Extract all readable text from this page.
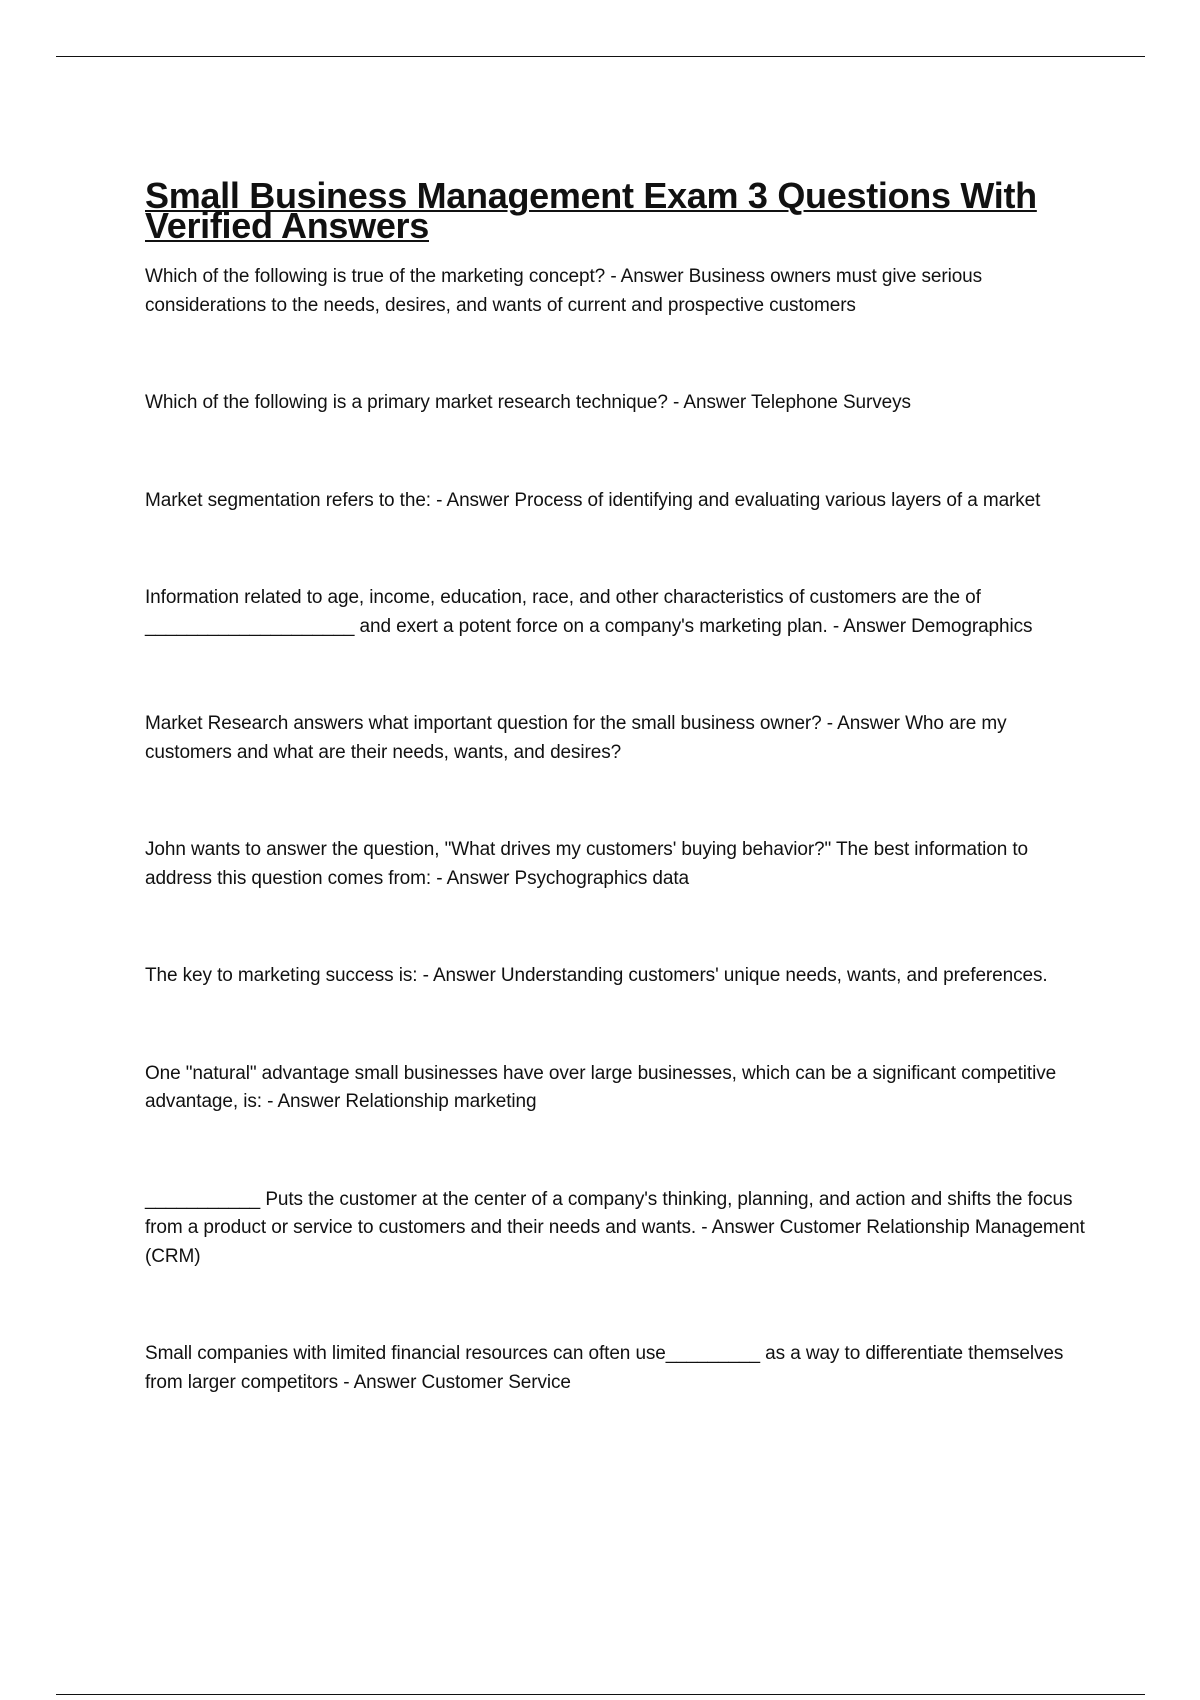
Small Business Management Exam 3 Questions With Verified Answers
Which of the following is true of the marketing concept? - Answer Business owners must give serious considerations to the needs, desires, and wants of current and prospective customers
Which of the following is a primary market research technique? - Answer Telephone Surveys
Market segmentation refers to the: - Answer Process of identifying and evaluating various layers of a market
Information related to age, income, education, race, and other characteristics of customers are the of ____________________ and exert a potent force on a company's marketing plan. - Answer Demographics
Market Research answers what important question for the small business owner? - Answer Who are my customers and what are their needs, wants, and desires?
John wants to answer the question, "What drives my customers' buying behavior?" The best information to address this question comes from: - Answer Psychographics data
The key to marketing success is: - Answer Understanding customers' unique needs, wants, and preferences.
One "natural" advantage small businesses have over large businesses, which can be a significant competitive advantage, is: - Answer Relationship marketing
___________ Puts the customer at the center of a company's thinking, planning, and action and shifts the focus from a product or service to customers and their needs and wants. - Answer Customer Relationship Management (CRM)
Small companies with limited financial resources can often use_________ as a way to differentiate themselves from larger competitors - Answer Customer Service
